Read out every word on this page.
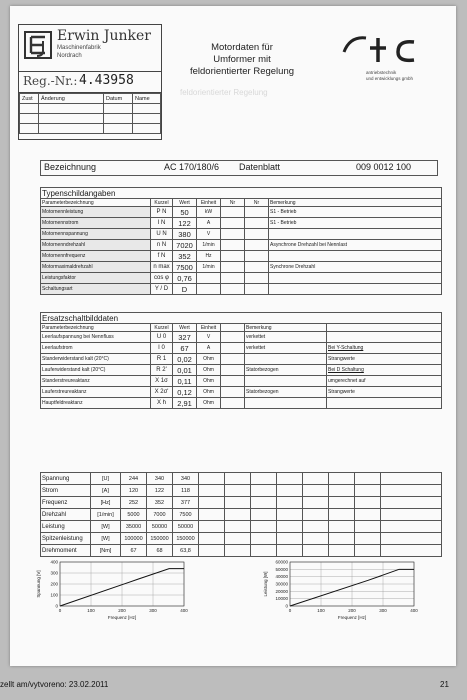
Erwin Junker
Maschinenfabrik
Nordrach
Reg.-Nr.: 4.43958
Zust	Änderung	Datum	Name

Motordaten für
Umformer mit
feldorientierter Regelung
feldorientierter Regelung
antriebstechnik
und entwicklungs gmbh
Bezeichnung	AC 170/180/6 Datenblatt	009 0012 100
Typenschildangaben						
Parameterbezeichnung	Kurzel	Wert	Einheit	Nr	Nr	Bemerkung
Motornennleistung	P N	50	kW			S1 - Betrieb
Motornennstrom	I N	122	A			S1 - Betrieb
Motornennspannung	U N	380	V			
Motornenndrehzahl	n N	7020	1/min			Asynchrone Drehzahl bei Nennlast
Motornennfrequenz	f N	352	Hz			
Motormaximaldrehzahl	n max	7500	1/min			Synchrone Drehzahl
Leistungsfaktor	cos φ	0,76				
Schaltungsart	Y / D	D				
Ersatzschaltbilddaten						
Parameterbezeichnung	Kurzel	Wert	Einheit		Bemerkung	
Leerlaufspannung bei Nennfluss	U 0	327	V		verkettet	
Leerlaufstrom	I 0	67	A		verkettet	Bei Y-Schaltung
Standerwiderstand kalt (20°C)	R 1	0,02	Ohm			Strangwerte
Lauferwiderstand kalt (20°C)	R 2'	0,01	Ohm		Statorbezogen	Bei D Schaltung
Standerstreureaktanz	X 1σ	0,11	Ohm			umgerechnet auf
Lauferstreureaktanz	X 2σ'	0,12	Ohm		Statorbezogen	Strangwerte
Hauptfeldreaktanz	X h	2,91	Ohm			
Spannung	[U]	244	340	340								
Strom	[A]	120	122	118								
Frequenz	[Hz]	252	352	377								
Drehzahl	[1/min]	5000	7000	7500								
Leistung	[W]	35000	50000	50000								
Spitzenleistung	[W]	100000	150000	150000								
Drehmoment	[Nm]	67	68	63,8								
0	100	200	300	400
0
100
200
300
400
Frequenz [Hz]
Spannung [V]
0	100	200	300	400
0
10000
20000
30000
40000
50000
60000
Frequenz [Hz]
Leistung [W]
zellt am/vytvoreno: 23.02.2011	21
